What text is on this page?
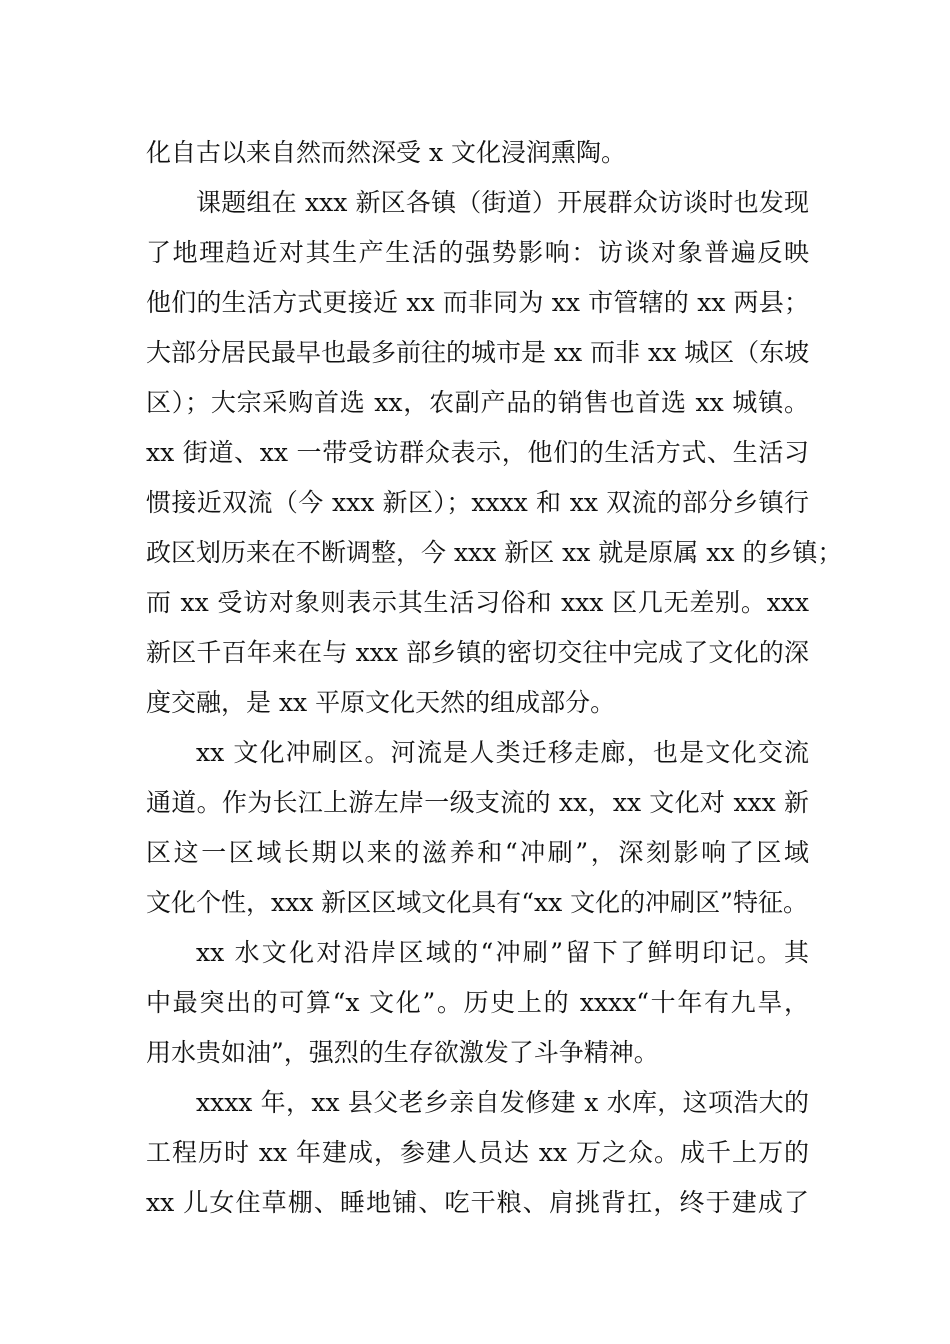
化自古以来自然而然深受 x 文化浸润熏陶。
课题组在 xxx 新区各镇（街道）开展群众访谈时也发现
了地理趋近对其生产生活的强势影响：访谈对象普遍反映
他们的生活方式更接近 xx 而非同为 xx 市管辖的 xx 两县；
大部分居民最早也最多前往的城市是 xx 而非 xx 城区（东坡
区）；大宗采购首选 xx，农副产品的销售也首选 xx 城镇。
xx 街道、xx 一带受访群众表示，他们的生活方式、生活习
惯接近双流（今 xxx 新区）；xxxx 和 xx 双流的部分乡镇行
政区划历来在不断调整，今 xxx 新区 xx 就是原属 xx 的乡镇；
而 xx 受访对象则表示其生活习俗和 xxx 区几无差别。xxx
新区千百年来在与 xxx 部乡镇的密切交往中完成了文化的深
度交融，是 xx 平原文化天然的组成部分。
xx 文化冲刷区。河流是人类迁移走廊，也是文化交流
通道。作为长江上游左岸一级支流的 xx，xx 文化对 xxx 新
区这一区域长期以来的滋养和“冲刷”，深刻影响了区域
文化个性，xxx 新区区域文化具有“xx 文化的冲刷区”特征。
xx 水文化对沿岸区域的“冲刷”留下了鲜明印记。其
中最突出的可算“x 文化”。历史上的 xxxx“十年有九旱，
用水贵如油”，强烈的生存欲激发了斗争精神。
xxxx 年，xx 县父老乡亲自发修建 x 水库，这项浩大的
工程历时 xx 年建成，参建人员达 xx 万之众。成千上万的
xx 儿女住草棚、睡地铺、吃干粮、肩挑背扛，终于建成了
